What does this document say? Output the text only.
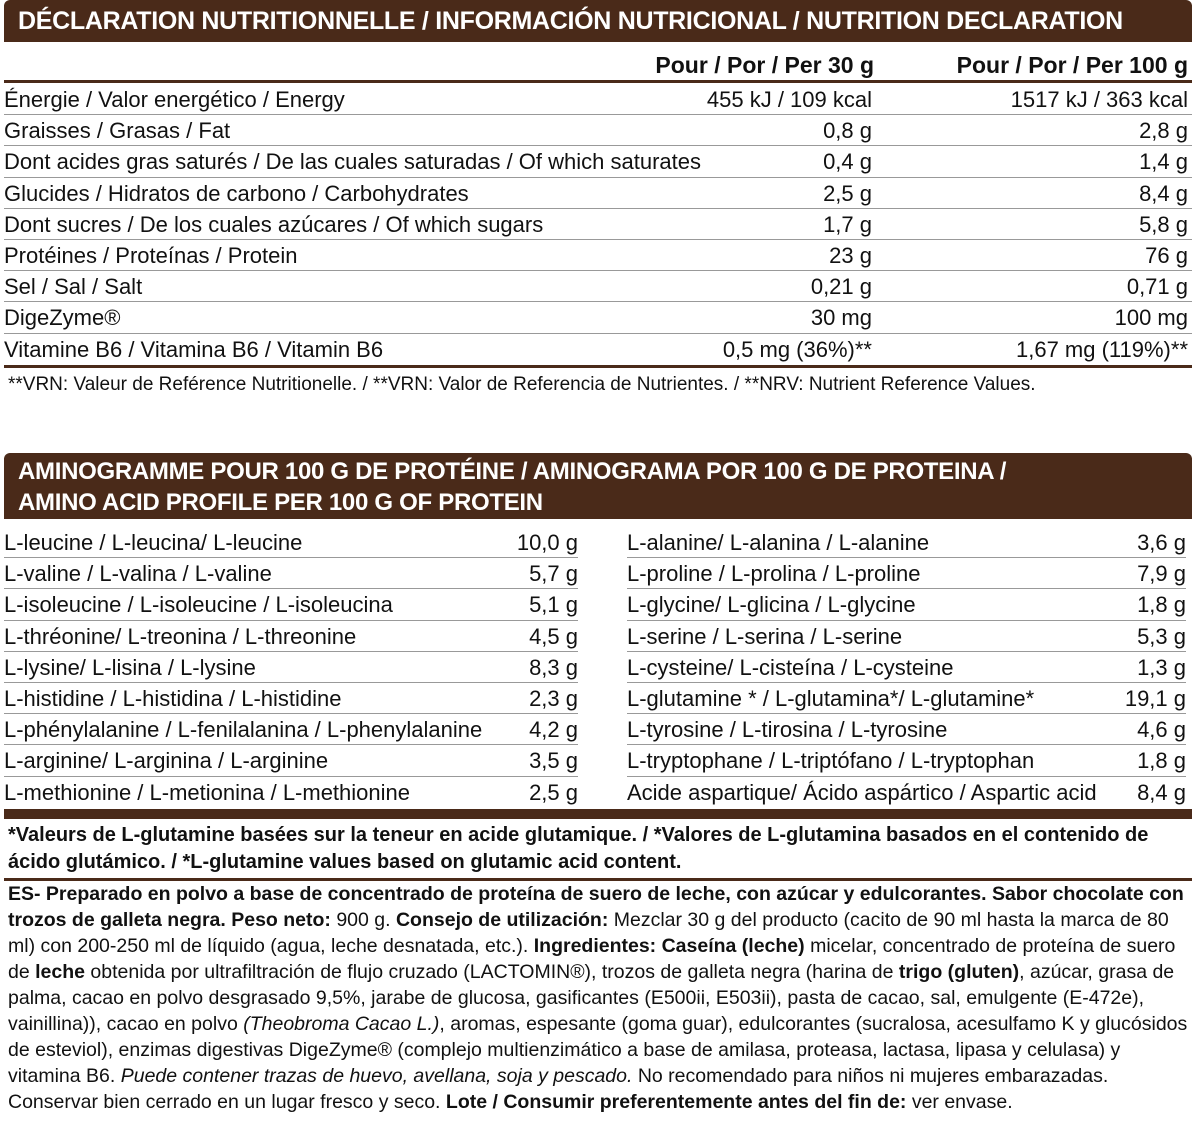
DÉCLARATION NUTRITIONNELLE / INFORMACIÓN NUTRICIONAL / NUTRITION DECLARATION
Pour / Por / Per 30 g	Pour / Por / Per 100 g
Énergie / Valor energético / Energy	455 kJ / 109 kcal	1517 kJ / 363 kcal
Graisses / Grasas / Fat	0,8 g	2,8 g
Dont acides gras saturés / De las cuales saturadas / Of which saturates	0,4 g	1,4 g
Glucides / Hidratos de carbono / Carbohydrates	2,5 g	8,4 g
Dont sucres / De los cuales azúcares / Of which sugars	1,7 g	5,8 g
Protéines / Proteínas / Protein	23 g	76 g
Sel / Sal / Salt	0,21 g	0,71 g
DigeZyme®	30 mg	100 mg
Vitamine B6 / Vitamina B6 / Vitamin B6	0,5 mg (36%)**	1,67 mg (119%)**
**VRN: Valeur de Reférence Nutritionelle. / **VRN: Valor de Referencia de Nutrientes. / **NRV: Nutrient Reference Values.
AMINOGRAMME POUR 100 G DE PROTÉINE / AMINOGRAMA POR 100 G DE PROTEINA /
AMINO ACID PROFILE PER 100 G OF PROTEIN
L-leucine / L-leucina/ L-leucine	10,0 g
L-valine / L-valina / L-valine	5,7 g
L-isoleucine / L-isoleucine / L-isoleucina	5,1 g
L-thréonine/ L-treonina / L-threonine	4,5 g
L-lysine/ L-lisina / L-lysine	8,3 g
L-histidine / L-histidina / L-histidine	2,3 g
L-phénylalanine / L-fenilalanina / L-phenylalanine 4,2 g
L-arginine/ L-arginina / L-arginine	3,5 g
L-methionine / L-metionina / L-methionine	2,5 g
L-alanine/ L-alanina / L-alanine	3,6 g
L-proline / L-prolina / L-proline	7,9 g
L-glycine/ L-glicina / L-glycine	1,8 g
L-serine / L-serina / L-serine	5,3 g
L-cysteine/ L-cisteína / L-cysteine	1,3 g
L-glutamine * / L-glutamina*/ L-glutamine*	19,1 g
L-tyrosine / L-tirosina / L-tyrosine	4,6 g
L-tryptophane / L-triptófano / L-tryptophan	1,8 g
Acide aspartique/ Ácido aspártico / Aspartic acid 8,4 g
*Valeurs de L-glutamine basées sur la teneur en acide glutamique. / *Valores de L-glutamina basados en el contenido de ácido glutámico. / *L-glutamine values based on glutamic acid content.
ES- Preparado en polvo a base de concentrado de proteína de suero de leche, con azúcar y edulcorantes. Sabor chocolate con trozos de galleta negra. Peso neto: 900 g. Consejo de utilización: Mezclar 30 g del producto (cacito de 90 ml hasta la marca de 80 ml) con 200-250 ml de líquido (agua, leche desnatada, etc.). Ingredientes: Caseína (leche) micelar, concentrado de proteína de suero de leche obtenida por ultrafiltración de flujo cruzado (LACTOMIN®), trozos de galleta negra (harina de trigo (gluten), azúcar, grasa de palma, cacao en polvo desgrasado 9,5%, jarabe de glucosa, gasificantes (E500ii, E503ii), pasta de cacao, sal, emulgente (E-472e), vainillina)), cacao en polvo (Theobroma Cacao L.), aromas, espesante (goma guar), edulcorantes (sucralosa, acesulfamo K y glucósidos de esteviol), enzimas digestivas DigeZyme® (complejo multienzimático a base de amilasa, proteasa, lactasa, lipasa y celulasa) y vitamina B6. Puede contener trazas de huevo, avellana, soja y pescado. No recomendado para niños ni mujeres embarazadas. Conservar bien cerrado en un lugar fresco y seco. Lote / Consumir preferentemente antes del fin de: ver envase.
